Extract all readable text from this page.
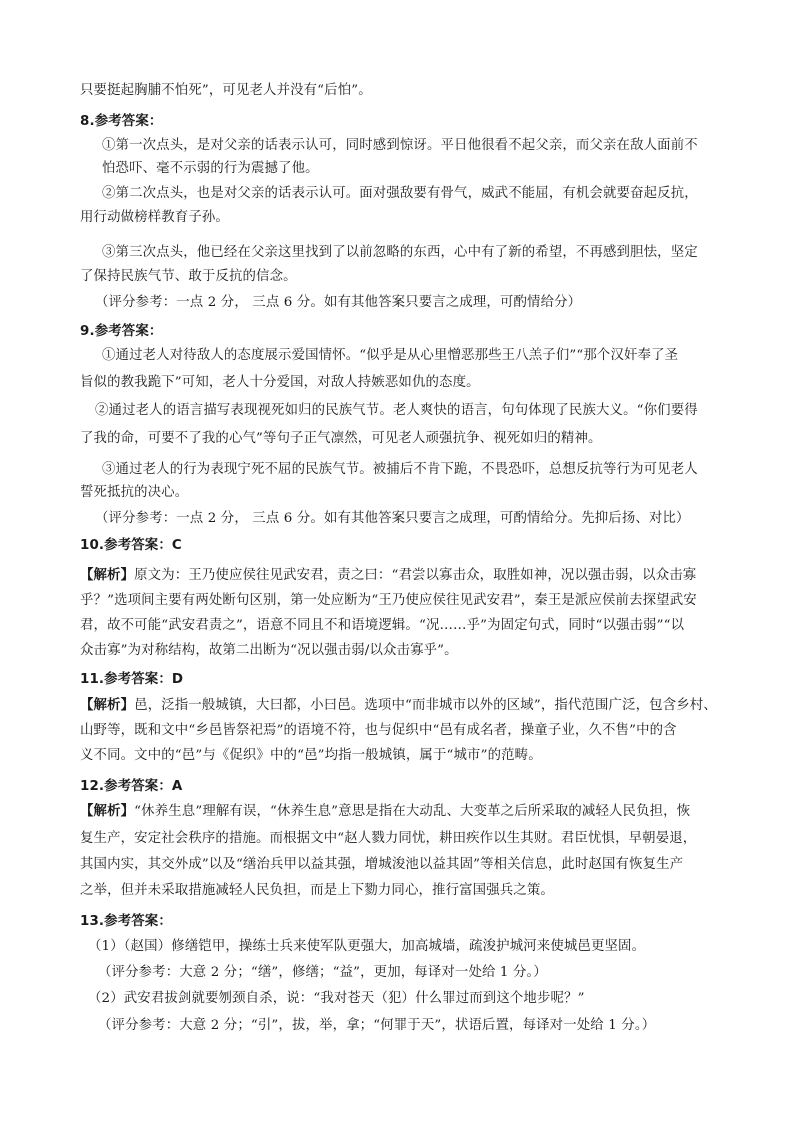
只要挺起胸脯不怕死”，可见老人并没有“后怕”。
8.参考答案：
①第一次点头，是对父亲的话表示认可，同时感到惊讶。平日他很看不起父亲，而父亲在敌人面前不
怕恐吓、毫不示弱的行为震撼了他。
②第二次点头，也是对父亲的话表示认可。面对强敌要有骨气，威武不能屈，有机会就要奋起反抗，
用行动做榜样教育子孙。
③第三次点头，他已经在父亲这里找到了以前忽略的东西，心中有了新的希望，不再感到胆怯，坚定
了保持民族气节、敢于反抗的信念。
（评分参考：一点 2 分， 三点 6 分。如有其他答案只要言之成理，可酌情给分）
9.参考答案：
①通过老人对待敌人的态度展示爱国情怀。“似乎是从心里憎恶那些王八羔子们”“那个汉奸奉了圣
旨似的教我跪下”可知，老人十分爱国，对敌人持嫉恶如仇的态度。
②通过老人的语言描写表现视死如归的民族气节。老人爽快的语言，句句体现了民族大义。“你们要得
了我的命，可要不了我的心气”等句子正气凛然，可见老人顽强抗争、视死如归的精神。
③通过老人的行为表现宁死不屈的民族气节。被捕后不肯下跪，不畏恐吓，总想反抗等行为可见老人
誓死抵抗的决心。
（评分参考：一点 2 分， 三点 6 分。如有其他答案只要言之成理，可酌情给分。先抑后扬、对比）
10.参考答案：C
【解析】原文为：王乃使应侯往见武安君，责之曰：“君尝以寡击众，取胜如神，况以强击弱，以众击寡
乎？”选项间主要有两处断句区别，第一处应断为“王乃使应侯往见武安君”，秦王是派应侯前去探望武安
君，故不可能“武安君责之”，语意不同且不和语境逻辑。“况……乎”为固定句式，同时“以强击弱”“以
众击寡”为对称结构，故第二出断为“况以强击弱/以众击寡乎”。
11.参考答案：D
【解析】邑，泛指一般城镇，大曰都，小曰邑。选项中“而非城市以外的区域”，指代范围广泛，包含乡村、
山野等，既和文中“乡邑皆祭祀焉”的语境不符，也与促织中“邑有成名者，操童子业，久不售”中的含
义不同。文中的“邑”与《促织》中的“邑”均指一般城镇，属于“城市”的范畴。
12.参考答案：A
【解析】“休养生息”理解有误，“休养生息”意思是指在大动乱、大变革之后所采取的减轻人民负担，恢
复生产，安定社会秩序的措施。而根据文中“赵人戮力同忧，耕田疾作以生其财。君臣忧惧，早朝晏退，
其国内实，其交外成”以及“缮治兵甲以益其强，增城浚池以益其固”等相关信息，此时赵国有恢复生产
之举，但并未采取措施减轻人民负担，而是上下勠力同心，推行富国强兵之策。
13.参考答案：
（1）（赵国）修缮铠甲，操练士兵来使军队更强大，加高城墙，疏浚护城河来使城邑更坚固。
（评分参考：大意 2 分；“缮”，修缮；“益”，更加，每译对一处给 1 分。）
（2）武安君拔剑就要刎颈自杀，说：“我对苍天（犯）什么罪过而到这个地步呢？”
（评分参考：大意 2 分；“引”，拔，举，拿；“何罪于天”，状语后置，每译对一处给 1 分。）
